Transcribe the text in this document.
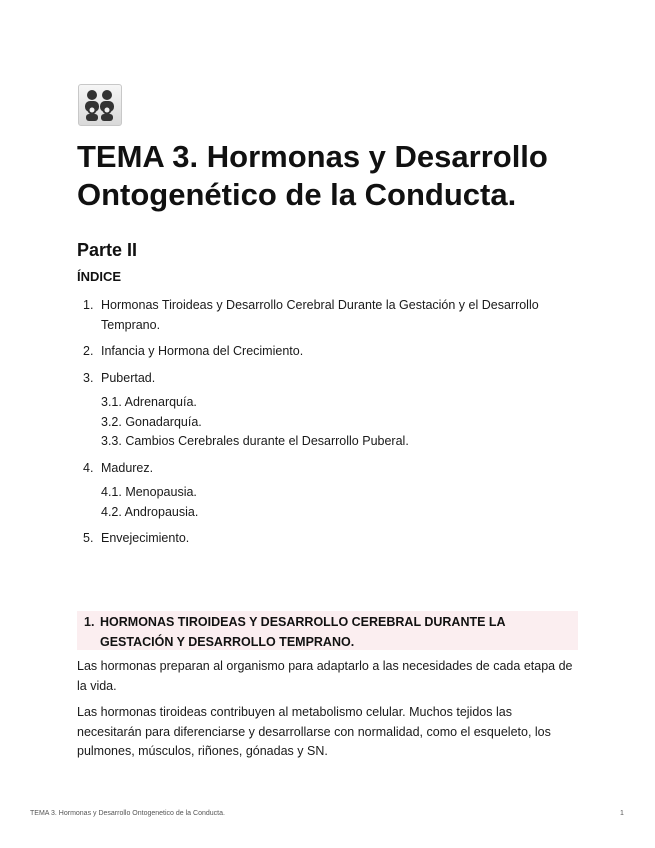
TEMA 3. Hormonas y Desarrollo Ontogenético de la Conducta.
Parte II
ÍNDICE
1. Hormonas Tiroideas y Desarrollo Cerebral Durante la Gestación y el Desarrollo Temprano.
2. Infancia y Hormona del Crecimiento.
3. Pubertad.
3.1. Adrenarquía.
3.2. Gonadarquía.
3.3. Cambios Cerebrales durante el Desarrollo Puberal.
4. Madurez.
4.1. Menopausia.
4.2. Andropausia.
5. Envejecimiento.
1. HORMONAS TIROIDEAS Y DESARROLLO CEREBRAL DURANTE LA GESTACIÓN Y DESARROLLO TEMPRANO.

Las hormonas preparan al organismo para adaptarlo a las necesidades de cada etapa de la vida.

Las hormonas tiroideas contribuyen al metabolismo celular. Muchos tejidos las necesitarán para diferenciarse y desarrollarse con normalidad, como el esqueleto, los pulmones, músculos, riñones, gónadas y SN.

TEMA 3. Hormonas y Desarrollo Ontogenetico de la Conducta.	1
